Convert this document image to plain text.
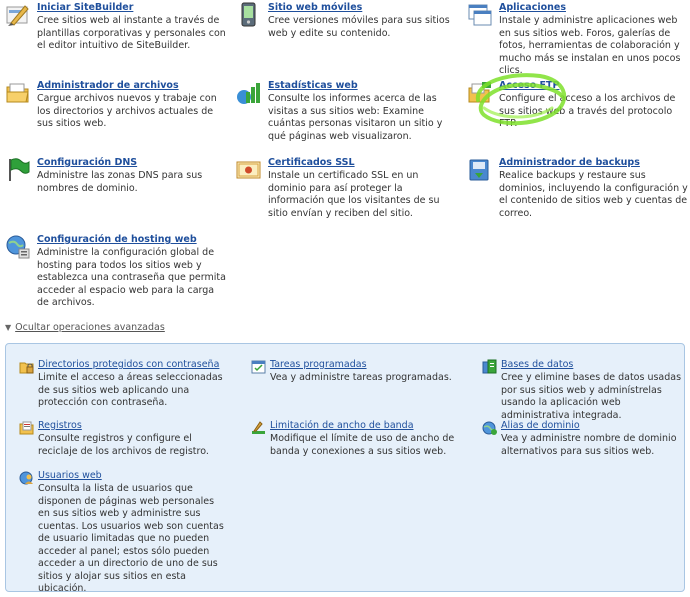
Iniciar SiteBuilder
Cree sitios web al instante a través de plantillas corporativas y personales con el editor intuitivo de SiteBuilder.
Sitio web móviles
Cree versiones móviles para sus sitios web y edite su contenido.
Aplicaciones
Instale y administre aplicaciones web en sus sitios web. Foros, galerías de fotos, herramientas de colaboración y mucho más se instalan en unos pocos clics.
Administrador de archivos
Cargue archivos nuevos y trabaje con los directorios y archivos actuales de sus sitios web.
Estadísticas web
Consulte los informes acerca de las visitas a sus sitios web: Examine cuántas personas visitaron un sitio y qué páginas web visualizaron.
Acceso FTP
Configure el acceso a los archivos de sus sitios web a través del protocolo FTP.
Configuración DNS
Administre las zonas DNS para sus nombres de dominio.
Certificados SSL
Instale un certificado SSL en un dominio para así proteger la información que los visitantes de su sitio envían y reciben del sitio.
Administrador de backups
Realice backups y restaure sus dominios, incluyendo la configuración y el contenido de sitios web y cuentas de correo.
Configuración de hosting web
Administre la configuración global de hosting para todos los sitios web y establezca una contraseña que permita acceder al espacio web para la carga de archivos.
▼ Ocultar operaciones avanzadas
Directorios protegidos con contraseña
Limite el acceso a áreas seleccionadas de sus sitios web aplicando una protección con contraseña.
Tareas programadas
Vea y administre tareas programadas.
Bases de datos
Cree y elimine bases de datos usadas por sus sitios web y adminístrelas usando la aplicación web administrativa integrada.
Registros
Consulte registros y configure el reciclaje de los archivos de registro.
Limitación de ancho de banda
Modifique el límite de uso de ancho de banda y conexiones a sus sitios web.
Alias de dominio
Vea y administre nombre de dominio alternativos para sus sitios web.
Usuarios web
Consulta la lista de usuarios que disponen de páginas web personales en sus sitios web y administre sus cuentas. Los usuarios web son cuentas de usuario limitadas que no pueden acceder al panel; estos sólo pueden acceder a un directorio de uno de sus sitios y alojar sus sitios en esta ubicación.
